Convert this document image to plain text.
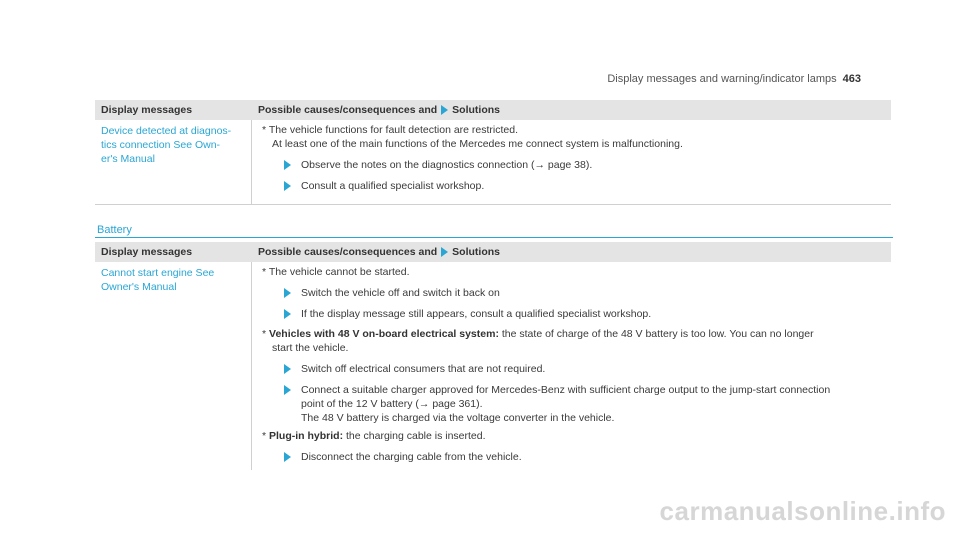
Display messages and warning/indicator lamps 463
Display messages	Possible causes/consequences and Solutions

Device detected at diagnos-

tics connection See Own-

er's Manual

* The vehicle functions for fault detection are restricted.

At least one of the main functions of the Mercedes me connect system is malfunctioning.

Observe the notes on the diagnostics connection (→ page 38).
Consult a qualified specialist workshop.
Battery
Display messages	Possible causes/consequences and Solutions

Cannot start engine See

Owner's Manual

* The vehicle cannot be started.

Switch the vehicle off and switch it back on
If the display message still appears, consult a qualified specialist workshop.

* Vehicles with 48 V on-board electrical system: the state of charge of the 48 V battery is too low. You can no longer

start the vehicle.

Switch off electrical consumers that are not required.

Connect a suitable charger approved for Mercedes-Benz with sufficient charge output to the jump-start connection

point of the 12 V battery (→ page 361).

The 48 V battery is charged via the voltage converter in the vehicle.

* Plug-in hybrid: the charging cable is inserted.

Disconnect the charging cable from the vehicle.
carmanualsonline.info
